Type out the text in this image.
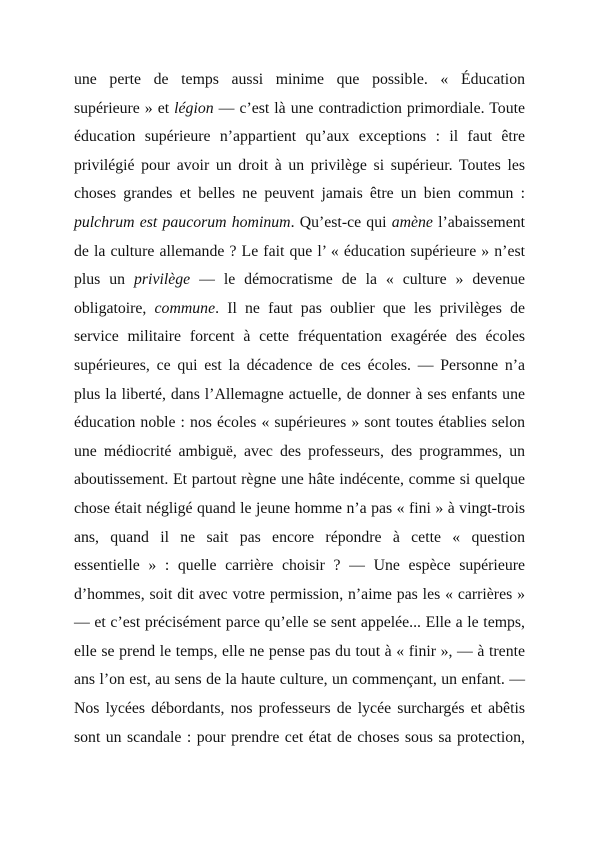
une perte de temps aussi minime que possible. « Éducation
supérieure » et légion — c’est là une contradiction primordiale. Toute
éducation supérieure n’appartient qu’aux exceptions : il faut être
privilégié pour avoir un droit à un privilège si supérieur. Toutes les
choses grandes et belles ne peuvent jamais être un bien commun :
pulchrum est paucorum hominum. Qu’est-ce qui amène l’abaissement
de la culture allemande ? Le fait que l’ « éducation supérieure » n’est
plus un privilège — le démocratisme de la « culture » devenue
obligatoire, commune. Il ne faut pas oublier que les privilèges de
service militaire forcent à cette fréquentation exagérée des écoles
supérieures, ce qui est la décadence de ces écoles. — Personne n’a
plus la liberté, dans l’Allemagne actuelle, de donner à ses enfants une
éducation noble : nos écoles « supérieures » sont toutes établies selon
une médiocrité ambiguë, avec des professeurs, des programmes, un
aboutissement. Et partout règne une hâte indécente, comme si quelque
chose était négligé quand le jeune homme n’a pas « fini » à vingt-trois
ans, quand il ne sait pas encore répondre à cette « question
essentielle » : quelle carrière choisir ? — Une espèce supérieure
d’hommes, soit dit avec votre permission, n’aime pas les « carrières »
— et c’est précisément parce qu’elle se sent appelée... Elle a le temps,
elle se prend le temps, elle ne pense pas du tout à « finir », — à trente
ans l’on est, au sens de la haute culture, un commençant, un enfant. —
Nos lycées débordants, nos professeurs de lycée surchargés et abêtis
sont un scandale : pour prendre cet état de choses sous sa protection,
